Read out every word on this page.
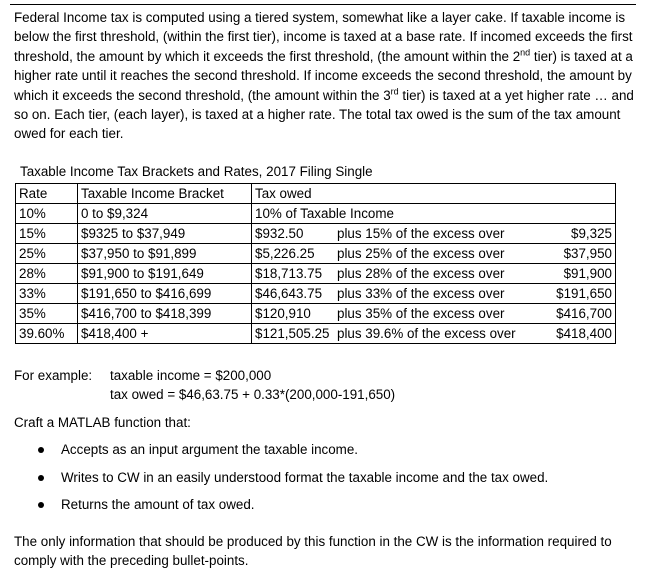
Federal Income tax is computed using a tiered system, somewhat like a layer cake. If taxable income is below the first threshold, (within the first tier), income is taxed at a base rate. If incomed exceeds the first threshold, the amount by which it exceeds the first threshold, (the amount within the 2nd tier) is taxed at a higher rate until it reaches the second threshold. If income exceeds the second threshold, the amount by which it exceeds the second threshold, (the amount within the 3rd tier) is taxed at a yet higher rate … and so on. Each tier, (each layer), is taxed at a higher rate. The total tax owed is the sum of the tax amount owed for each tier.

Taxable Income Tax Brackets and Rates, 2017 Filing Single
Rate	Taxable Income Bracket	Tax owed
10%	0 to $9,324	10% of Taxable Income

15%	$9325 to $37,949	$932.50 plus 15% of the excess over $9,325

25%	$37,950 to $91,899	$5,226.25 plus 25% of the excess over $37,950

28%	$91,900 to $191,649	$18,713.75 plus 28% of the excess over $91,900

33%	$191,650 to $416,699	$46,643.75 plus 33% of the excess over $191,650

35%	$416,700 to $418,399	$120,910 plus 35% of the excess over $416,700

39.60%	$418,400 +	$121,505.25 plus 39.6% of the excess over $418,400
For example: taxable income = $200,000
tax owed = $46,63.75 + 0.33*(200,000-191,650)
Craft a MATLAB function that:
Accepts as an input argument the taxable income.
Writes to CW in an easily understood format the taxable income and the tax owed.
Returns the amount of tax owed.

The only information that should be produced by this function in the CW is the information required to comply with the preceding bullet-points.
